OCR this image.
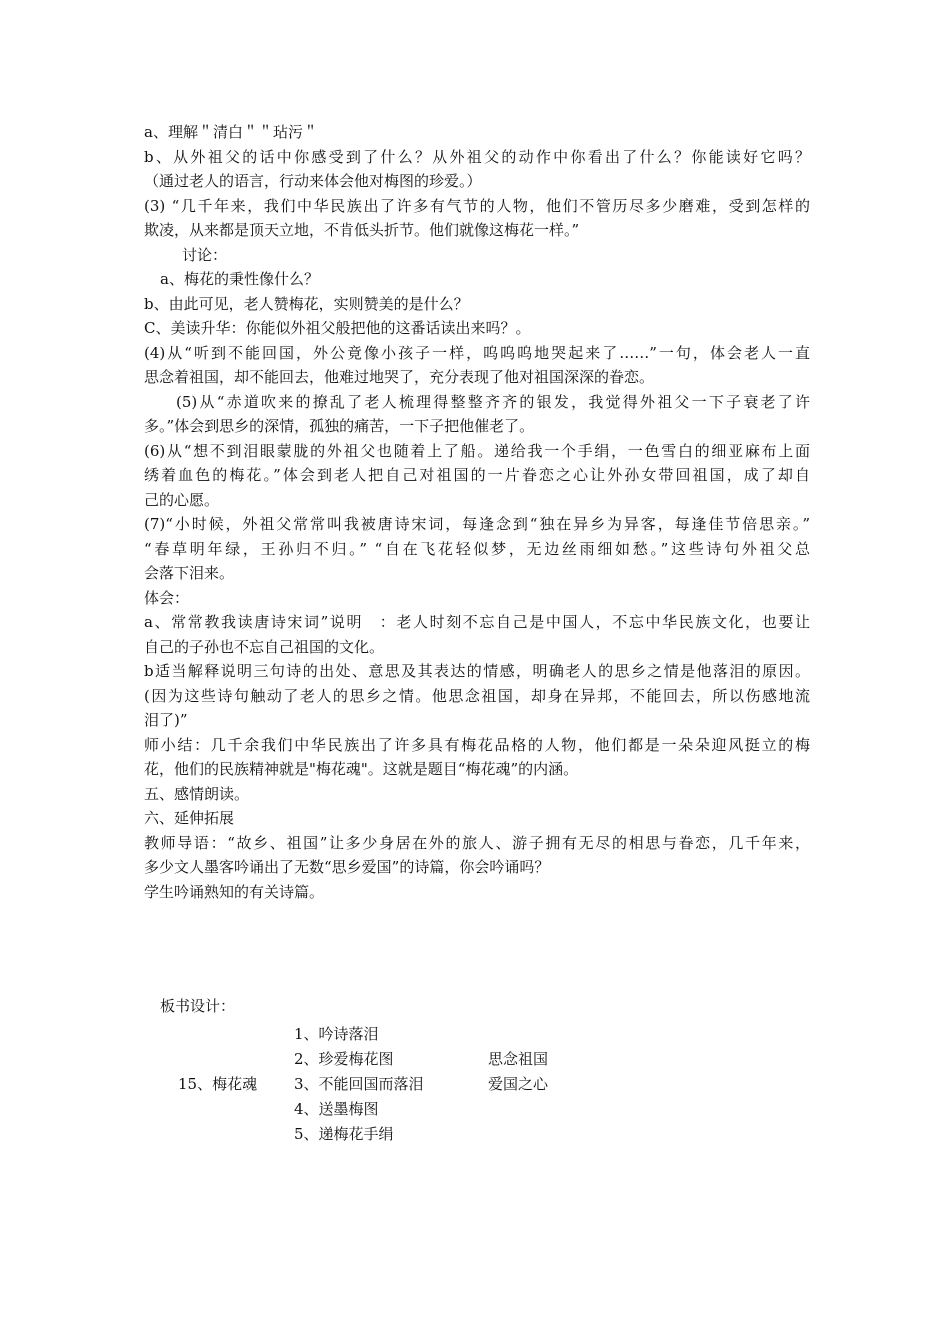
a、理解＂清白＂＂玷污＂
b、从外祖父的话中你感受到了什么？从外祖父的动作中你看出了什么？你能读好它吗？
（通过老人的语言，行动来体会他对梅图的珍爱。）
(3) “几千年来，我们中华民族出了许多有气节的人物，他们不管历尽多少磨难，受到怎样的
欺凌，从来都是顶天立地，不肯低头折节。他们就像这梅花一样。”
讨论：
a、梅花的秉性像什么？
b、由此可见，老人赞梅花，实则赞美的是什么？
C、美读升华：你能似外祖父般把他的这番话读出来吗？。
(4)从“听到不能回国，外公竟像小孩子一样，呜呜呜地哭起来了……”一句，体会老人一直
思念着祖国，却不能回去，他难过地哭了，充分表现了他对祖国深深的眷恋。
(5)从“赤道吹来的撩乱了老人梳理得整整齐齐的银发，我觉得外祖父一下子衰老了许
多。”体会到思乡的深情，孤独的痛苦，一下子把他催老了。
(6)从“想不到泪眼蒙胧的外祖父也随着上了船。递给我一个手绢，一色雪白的细亚麻布上面
绣着血色的梅花。”体会到老人把自己对祖国的一片眷恋之心让外孙女带回祖国，成了却自
己的心愿。
(7)“小时候，外祖父常常叫我被唐诗宋词，每逢念到“独在异乡为异客，每逢佳节倍思亲。”
“春草明年绿，王孙归不归。” “自在飞花轻似梦，无边丝雨细如愁。”这些诗句外祖父总
会落下泪来。
体会：
a、常常教我读唐诗宋词”说明　：老人时刻不忘自己是中国人，不忘中华民族文化，也要让
自己的子孙也不忘自己祖国的文化。
b适当解释说明三句诗的出处、意思及其表达的情感，明确老人的思乡之情是他落泪的原因。
(因为这些诗句触动了老人的思乡之情。他思念祖国，却身在异邦，不能回去，所以伤感地流
泪了)”
师小结：几千余我们中华民族出了许多具有梅花品格的人物，他们都是一朵朵迎风挺立的梅
花，他们的民族精神就是"梅花魂"。这就是题目“梅花魂”的内涵。
五、感情朗读。
六、延伸拓展
教师导语：“故乡、祖国”让多少身居在外的旅人、游子拥有无尽的相思与眷恋，几千年来，
多少文人墨客吟诵出了无数“思乡爱国”的诗篇，你会吟诵吗？
学生吟诵熟知的有关诗篇。
板书设计：
15、梅花魂
1、吟诗落泪
2、珍爱梅花图
3、不能回国而落泪
4、送墨梅图
5、递梅花手绢
思念祖国
爱国之心
